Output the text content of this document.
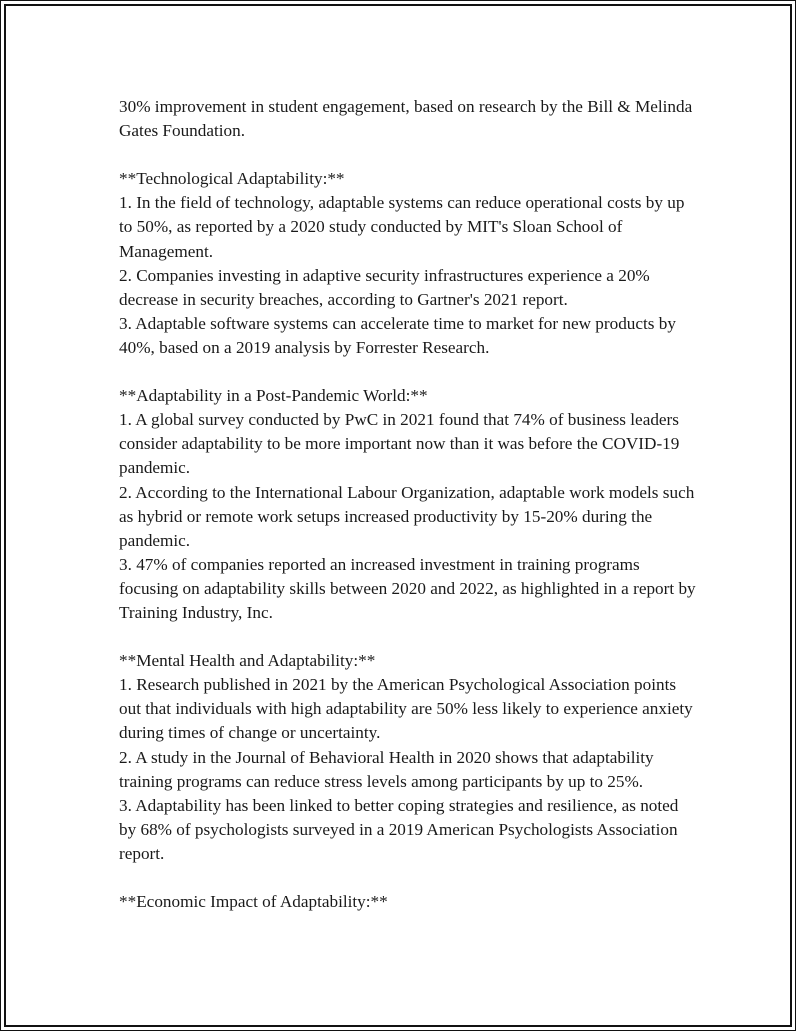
30% improvement in student engagement, based on research by the Bill & Melinda Gates Foundation.

**Technological Adaptability:**

1. In the field of technology, adaptable systems can reduce operational costs by up to 50%, as reported by a 2020 study conducted by MIT's Sloan School of Management.

2. Companies investing in adaptive security infrastructures experience a 20% decrease in security breaches, according to Gartner's 2021 report.

3. Adaptable software systems can accelerate time to market for new products by 40%, based on a 2019 analysis by Forrester Research.

**Adaptability in a Post-Pandemic World:**

1. A global survey conducted by PwC in 2021 found that 74% of business leaders consider adaptability to be more important now than it was before the COVID-19 pandemic.

2. According to the International Labour Organization, adaptable work models such as hybrid or remote work setups increased productivity by 15-20% during the pandemic.

3. 47% of companies reported an increased investment in training programs focusing on adaptability skills between 2020 and 2022, as highlighted in a report by Training Industry, Inc.

**Mental Health and Adaptability:**

1. Research published in 2021 by the American Psychological Association points out that individuals with high adaptability are 50% less likely to experience anxiety during times of change or uncertainty.

2. A study in the Journal of Behavioral Health in 2020 shows that adaptability training programs can reduce stress levels among participants by up to 25%.

3. Adaptability has been linked to better coping strategies and resilience, as noted by 68% of psychologists surveyed in a 2019 American Psychologists Association report.

**Economic Impact of Adaptability:**
